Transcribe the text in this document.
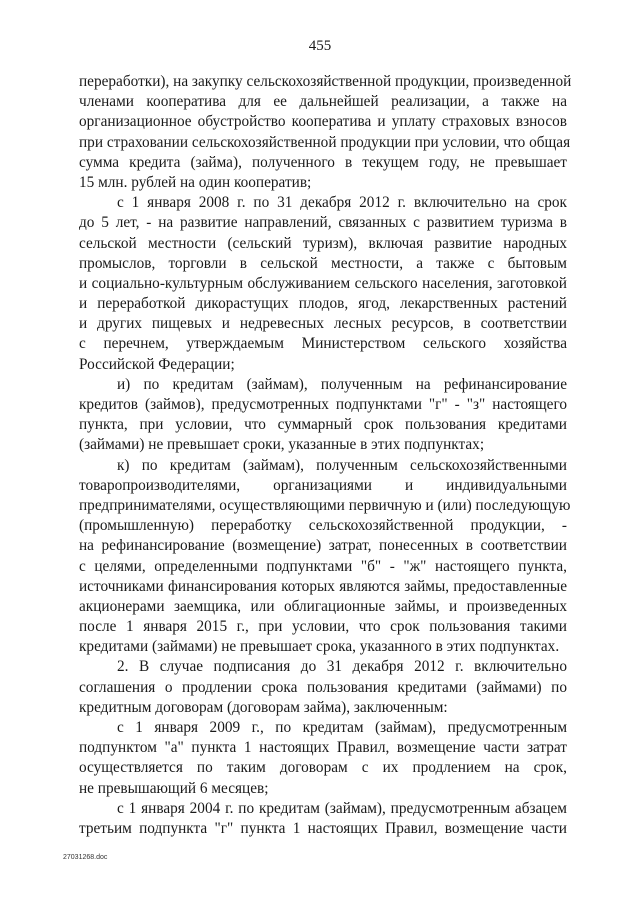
455
переработки), на закупку сельскохозяйственной продукции, произведенной
членами кооператива для ее дальнейшей реализации, а также на
организационное обустройство кооператива и уплату страховых взносов
при страховании сельскохозяйственной продукции при условии, что общая
сумма кредита (займа), полученного в текущем году, не превышает
15 млн. рублей на один кооператив;
с 1 января 2008 г. по 31 декабря 2012 г. включительно на срок
до 5 лет, - на развитие направлений, связанных с развитием туризма в
сельской местности (сельский туризм), включая развитие народных
промыслов, торговли в сельской местности, а также с бытовым
и социально-культурным обслуживанием сельского населения, заготовкой
и переработкой дикорастущих плодов, ягод, лекарственных растений
и других пищевых и недревесных лесных ресурсов, в соответствии
с перечнем, утверждаемым Министерством сельского хозяйства
Российской Федерации;
и) по кредитам (займам), полученным на рефинансирование
кредитов (займов), предусмотренных подпунктами "г" - "з" настоящего
пункта, при условии, что суммарный срок пользования кредитами
(займами) не превышает сроки, указанные в этих подпунктах;
к) по кредитам (займам), полученным сельскохозяйственными
товаропроизводителями, организациями и индивидуальными
предпринимателями, осуществляющими первичную и (или) последующую
(промышленную) переработку сельскохозяйственной продукции, -
на рефинансирование (возмещение) затрат, понесенных в соответствии
с целями, определенными подпунктами "б" - "ж" настоящего пункта,
источниками финансирования которых являются займы, предоставленные
акционерами заемщика, или облигационные займы, и произведенных
после 1 января 2015 г., при условии, что срок пользования такими
кредитами (займами) не превышает срока, указанного в этих подпунктах.
2. В случае подписания до 31 декабря 2012 г. включительно
соглашения о продлении срока пользования кредитами (займами) по
кредитным договорам (договорам займа), заключенным:
с 1 января 2009 г., по кредитам (займам), предусмотренным
подпунктом "а" пункта 1 настоящих Правил, возмещение части затрат
осуществляется по таким договорам с их продлением на срок,
не превышающий 6 месяцев;
с 1 января 2004 г. по кредитам (займам), предусмотренным абзацем
третьим подпункта "г" пункта 1 настоящих Правил, возмещение части
27031268.doc
